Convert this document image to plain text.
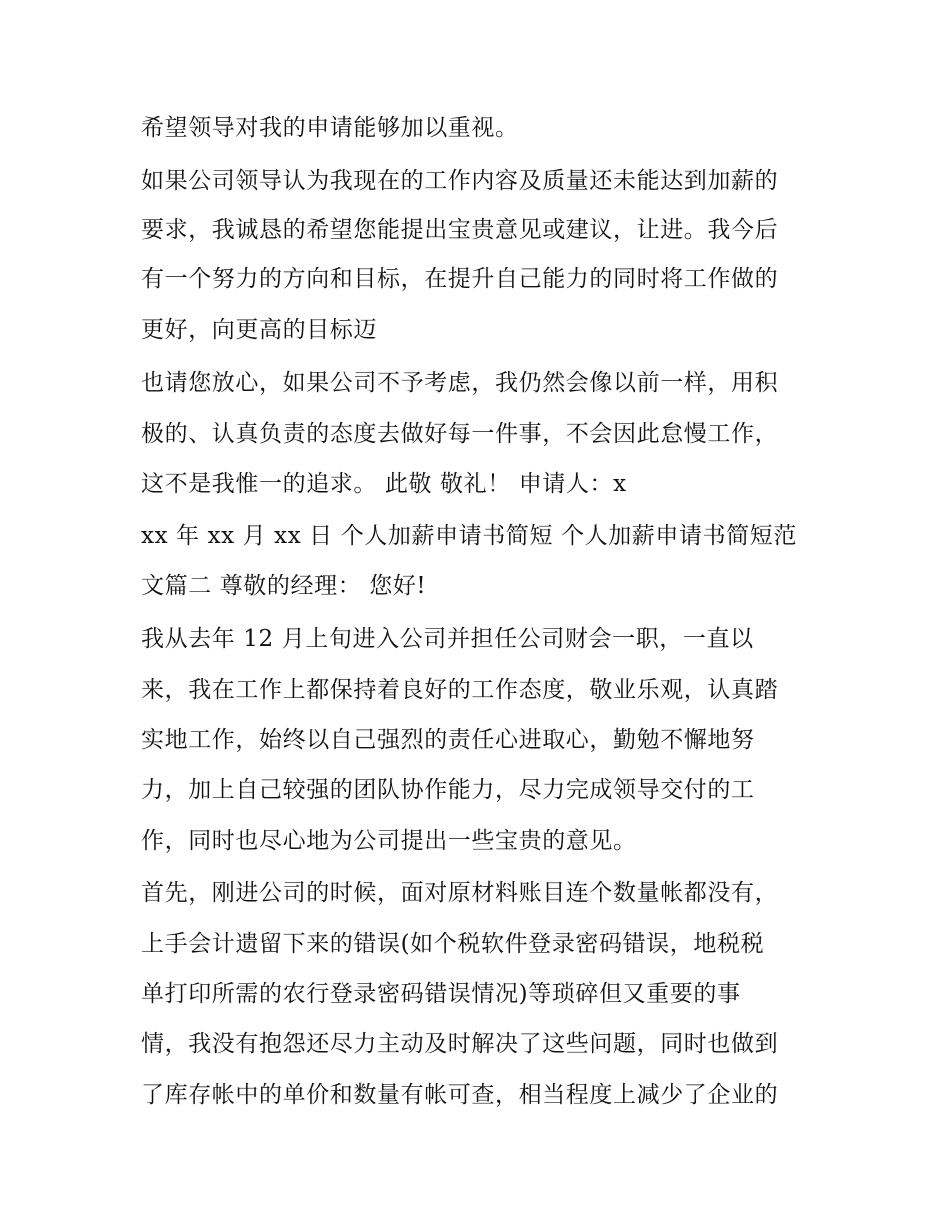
希望领导对我的申请能够加以重视。
如果公司领导认为我现在的工作内容及质量还未能达到加薪的
要求，我诚恳的希望您能提出宝贵意见或建议，让进。我今后
有一个努力的方向和目标，在提升自己能力的同时将工作做的
更好，向更高的目标迈
也请您放心，如果公司不予考虑，我仍然会像以前一样，用积
极的、认真负责的态度去做好每一件事，不会因此怠慢工作，
这不是我惟一的追求。 此敬 敬礼！ 申请人：x
xx 年 xx 月 xx 日 个人加薪申请书简短 个人加薪申请书简短范
文篇二 尊敬的经理： 您好!
我从去年 12 月上旬进入公司并担任公司财会一职，一直以
来，我在工作上都保持着良好的工作态度，敬业乐观，认真踏
实地工作，始终以自己强烈的责任心进取心，勤勉不懈地努
力，加上自己较强的团队协作能力，尽力完成领导交付的工
作，同时也尽心地为公司提出一些宝贵的意见。
首先，刚进公司的时候，面对原材料账目连个数量帐都没有，
上手会计遗留下来的错误(如个税软件登录密码错误，地税税
单打印所需的农行登录密码错误情况)等琐碎但又重要的事
情，我没有抱怨还尽力主动及时解决了这些问题，同时也做到
了库存帐中的单价和数量有帐可查，相当程度上减少了企业的
